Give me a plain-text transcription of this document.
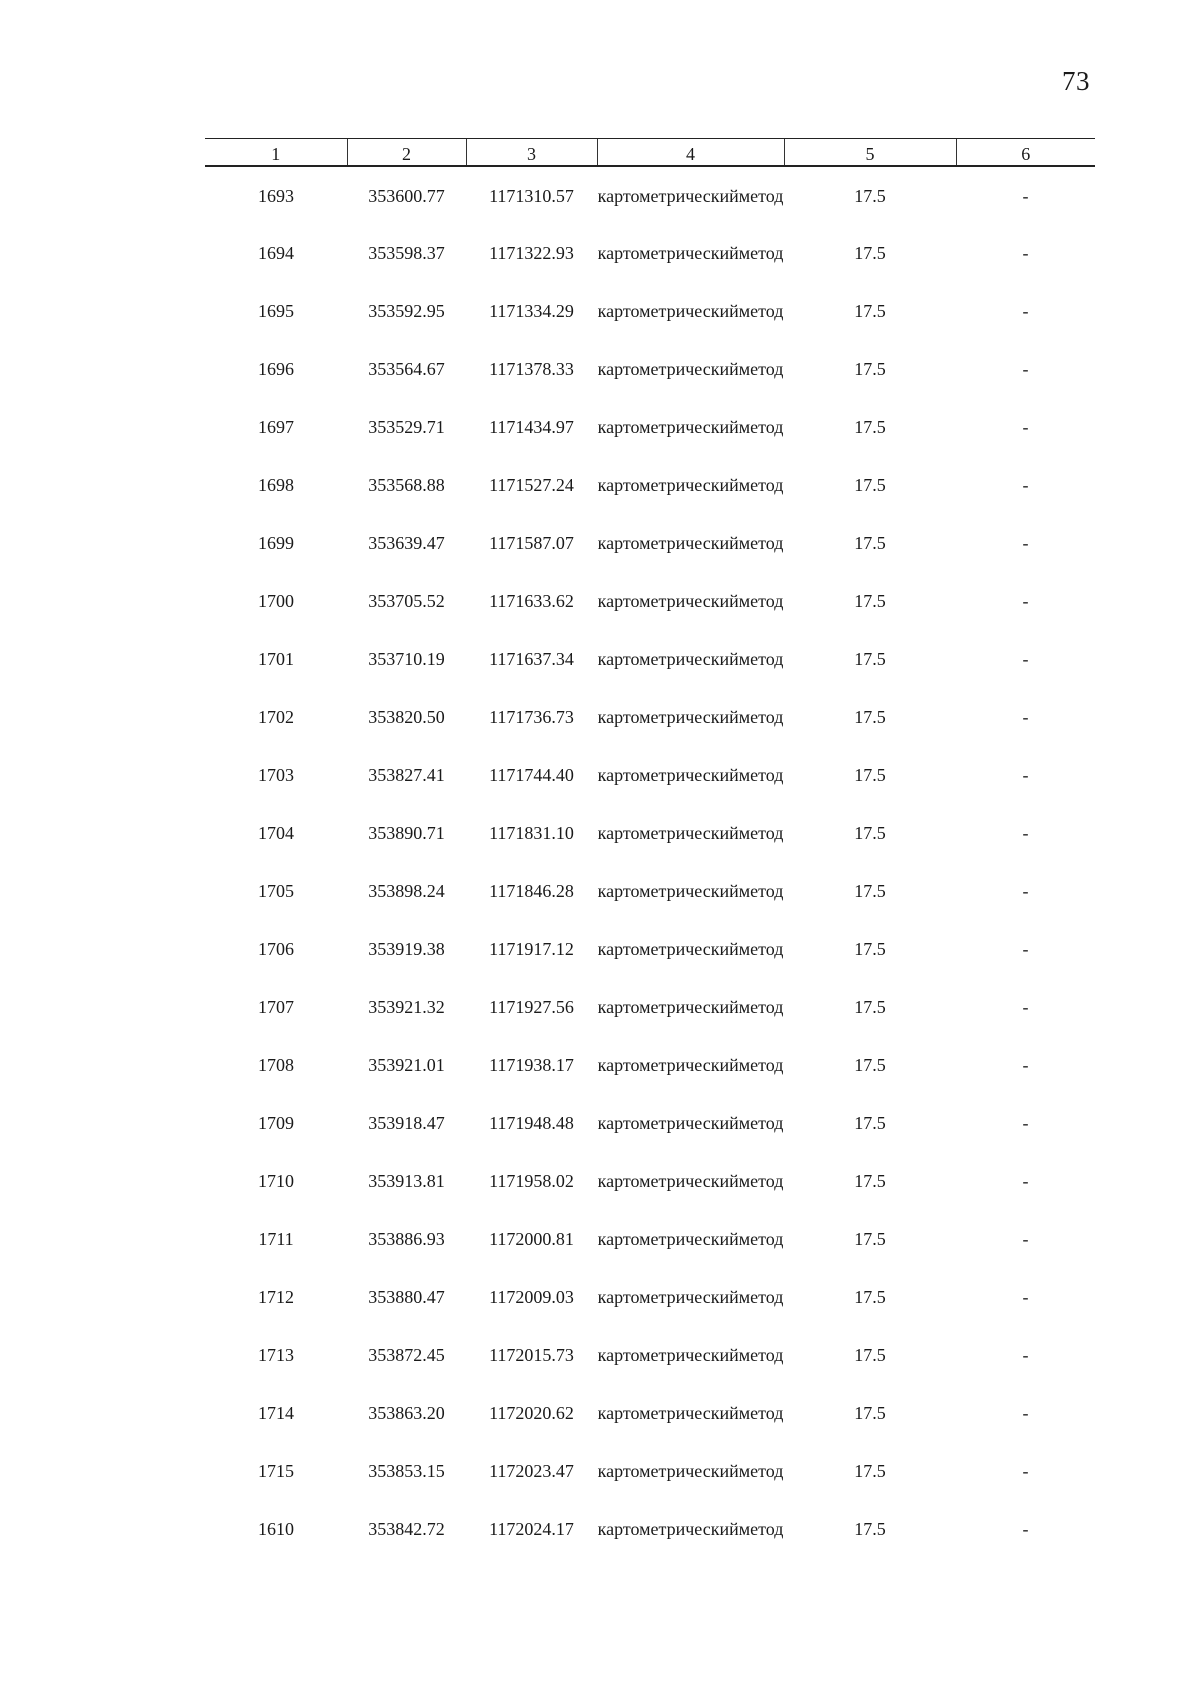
73
1	2	3	4	5	6
1693	353600.77	1171310.57	картометрическийметод	17.5	-
1694	353598.37	1171322.93	картометрическийметод	17.5	-
1695	353592.95	1171334.29	картометрическийметод	17.5	-
1696	353564.67	1171378.33	картометрическийметод	17.5	-
1697	353529.71	1171434.97	картометрическийметод	17.5	-
1698	353568.88	1171527.24	картометрическийметод	17.5	-
1699	353639.47	1171587.07	картометрическийметод	17.5	-
1700	353705.52	1171633.62	картометрическийметод	17.5	-
1701	353710.19	1171637.34	картометрическийметод	17.5	-
1702	353820.50	1171736.73	картометрическийметод	17.5	-
1703	353827.41	1171744.40	картометрическийметод	17.5	-
1704	353890.71	1171831.10	картометрическийметод	17.5	-
1705	353898.24	1171846.28	картометрическийметод	17.5	-
1706	353919.38	1171917.12	картометрическийметод	17.5	-
1707	353921.32	1171927.56	картометрическийметод	17.5	-
1708	353921.01	1171938.17	картометрическийметод	17.5	-
1709	353918.47	1171948.48	картометрическийметод	17.5	-
1710	353913.81	1171958.02	картометрическийметод	17.5	-
1711	353886.93	1172000.81	картометрическийметод	17.5	-
1712	353880.47	1172009.03	картометрическийметод	17.5	-
1713	353872.45	1172015.73	картометрическийметод	17.5	-
1714	353863.20	1172020.62	картометрическийметод	17.5	-
1715	353853.15	1172023.47	картометрическийметод	17.5	-
1610	353842.72	1172024.17	картометрическийметод	17.5	-
